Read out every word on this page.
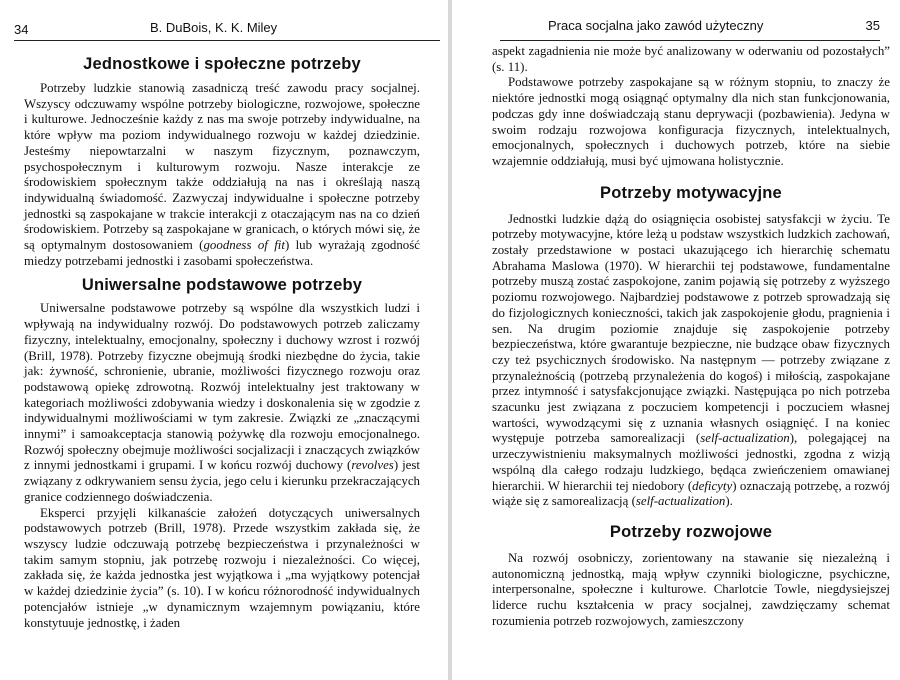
34	B. DuBois, K. K. Miley
Jednostkowe i społeczne potrzeby

Potrzeby ludzkie stanowią zasadniczą treść zawodu pracy socjalnej. Wszyscy odczuwamy wspólne potrzeby biologiczne, rozwojowe, społeczne i kulturowe. Jednocześnie każdy z nas ma swoje potrzeby indywidualne, na które wpływ ma poziom indywidualnego rozwoju w każdej dziedzinie. Jesteśmy niepowtarzalni w naszym fizycznym, poznawczym, psychospołecznym i kulturowym rozwoju. Nasze interakcje ze środowiskiem społecznym także oddziałują na nas i określają naszą indywidualną świadomość. Zazwyczaj indywidualne i społeczne potrzeby jednostki są zaspokajane w trakcie interakcji z otaczającym nas na co dzień środowiskiem. Potrzeby są zaspokajane w granicach, o których mówi się, że są optymalnym dostosowaniem (goodness of fit) lub wyrażają zgodność miedzy potrzebami jednostki i zasobami społeczeństwa.

Uniwersalne podstawowe potrzeby

Uniwersalne podstawowe potrzeby są wspólne dla wszystkich ludzi i wpływają na indywidualny rozwój. Do podstawowych potrzeb zaliczamy fizyczny, intelektualny, emocjonalny, społeczny i duchowy wzrost i rozwój (Brill, 1978). Potrzeby fizyczne obejmują środki niezbędne do życia, takie jak: żywność, schronienie, ubranie, możliwości fizycznego rozwoju oraz podstawową opiekę zdrowotną. Rozwój intelektualny jest traktowany w kategoriach możliwości zdobywania wiedzy i doskonalenia się w zgodzie z indywidualnymi możliwościami w tym zakresie. Związki ze „znaczącymi innymi” i samoakceptacja stanowią pożywkę dla rozwoju emocjonalnego. Rozwój społeczny obejmuje możliwości socjalizacji i znaczących związków z innymi jednostkami i grupami. I w końcu rozwój duchowy (revolves) jest związany z odkrywaniem sensu życia, jego celu i kierunku przekraczających granice codziennego doświadczenia.

Eksperci przyjęli kilkanaście założeń dotyczących uniwersalnych podstawowych potrzeb (Brill, 1978). Przede wszystkim zakłada się, że wszyscy ludzie odczuwają potrzebę bezpieczeństwa i przynależności w takim samym stopniu, jak potrzebę rozwoju i niezależności. Co więcej, zakłada się, że każda jednostka jest wyjątkowa i „ma wyjątkowy potencjał w każdej dziedzinie życia” (s. 10). I w końcu różnorodność indywidualnych potencjałów istnieje „w dynamicznym wzajemnym powiązaniu, które konstytuuje jednostkę, i żaden

Praca socjalna jako zawód użyteczny	35

aspekt zagadnienia nie może być analizowany w oderwaniu od pozostałych” (s. 11).

Podstawowe potrzeby zaspokajane są w różnym stopniu, to znaczy że niektóre jednostki mogą osiągnąć optymalny dla nich stan funkcjonowania, podczas gdy inne doświadczają stanu deprywacji (pozbawienia). Jedyna w swoim rodzaju rozwojowa konfiguracja fizycznych, intelektualnych, emocjonalnych, społecznych i duchowych potrzeb, które na siebie wzajemnie oddziałują, musi być ujmowana holistycznie.

Potrzeby motywacyjne

Jednostki ludzkie dążą do osiągnięcia osobistej satysfakcji w życiu. Te potrzeby motywacyjne, które leżą u podstaw wszystkich ludzkich zachowań, zostały przedstawione w postaci ukazującego ich hierarchię schematu Abrahama Maslowa (1970). W hierarchii tej podstawowe, fundamentalne potrzeby muszą zostać zaspokojone, zanim pojawią się potrzeby z wyższego poziomu rozwojowego. Najbardziej podstawowe z potrzeb sprowadzają się do fizjologicznych konieczności, takich jak zaspokojenie głodu, pragnienia i sen. Na drugim poziomie znajduje się zaspokojenie potrzeby bezpieczeństwa, które gwarantuje bezpieczne, nie budzące obaw fizycznych czy też psychicznych środowisko. Na następnym — potrzeby związane z przynależnością (potrzebą przynależenia do kogoś) i miłością, zaspokajane przez intymność i satysfakcjonujące związki. Następująca po nich potrzeba szacunku jest związana z poczuciem kompetencji i poczuciem własnej wartości, wywodzącymi się z uznania własnych osiągnięć. I na koniec występuje potrzeba samorealizacji (self-actualization), polegającej na urzeczywistnieniu maksymalnych możliwości jednostki, zgodna z wizją wspólną dla całego rodzaju ludzkiego, będąca zwieńczeniem omawianej hierarchii. W hierarchii tej niedobory (deficyty) oznaczają potrzebę, a rozwój wiąże się z samorealizacją (self-actualization).

Potrzeby rozwojowe

Na rozwój osobniczy, zorientowany na stawanie się niezależną i autonomiczną jednostką, mają wpływ czynniki biologiczne, psychiczne, interpersonalne, społeczne i kulturowe. Charlotcie Towle, niegdysiejszej liderce ruchu kształcenia w pracy socjalnej, zawdzięczamy schemat rozumienia potrzeb rozwojowych, zamieszczony
